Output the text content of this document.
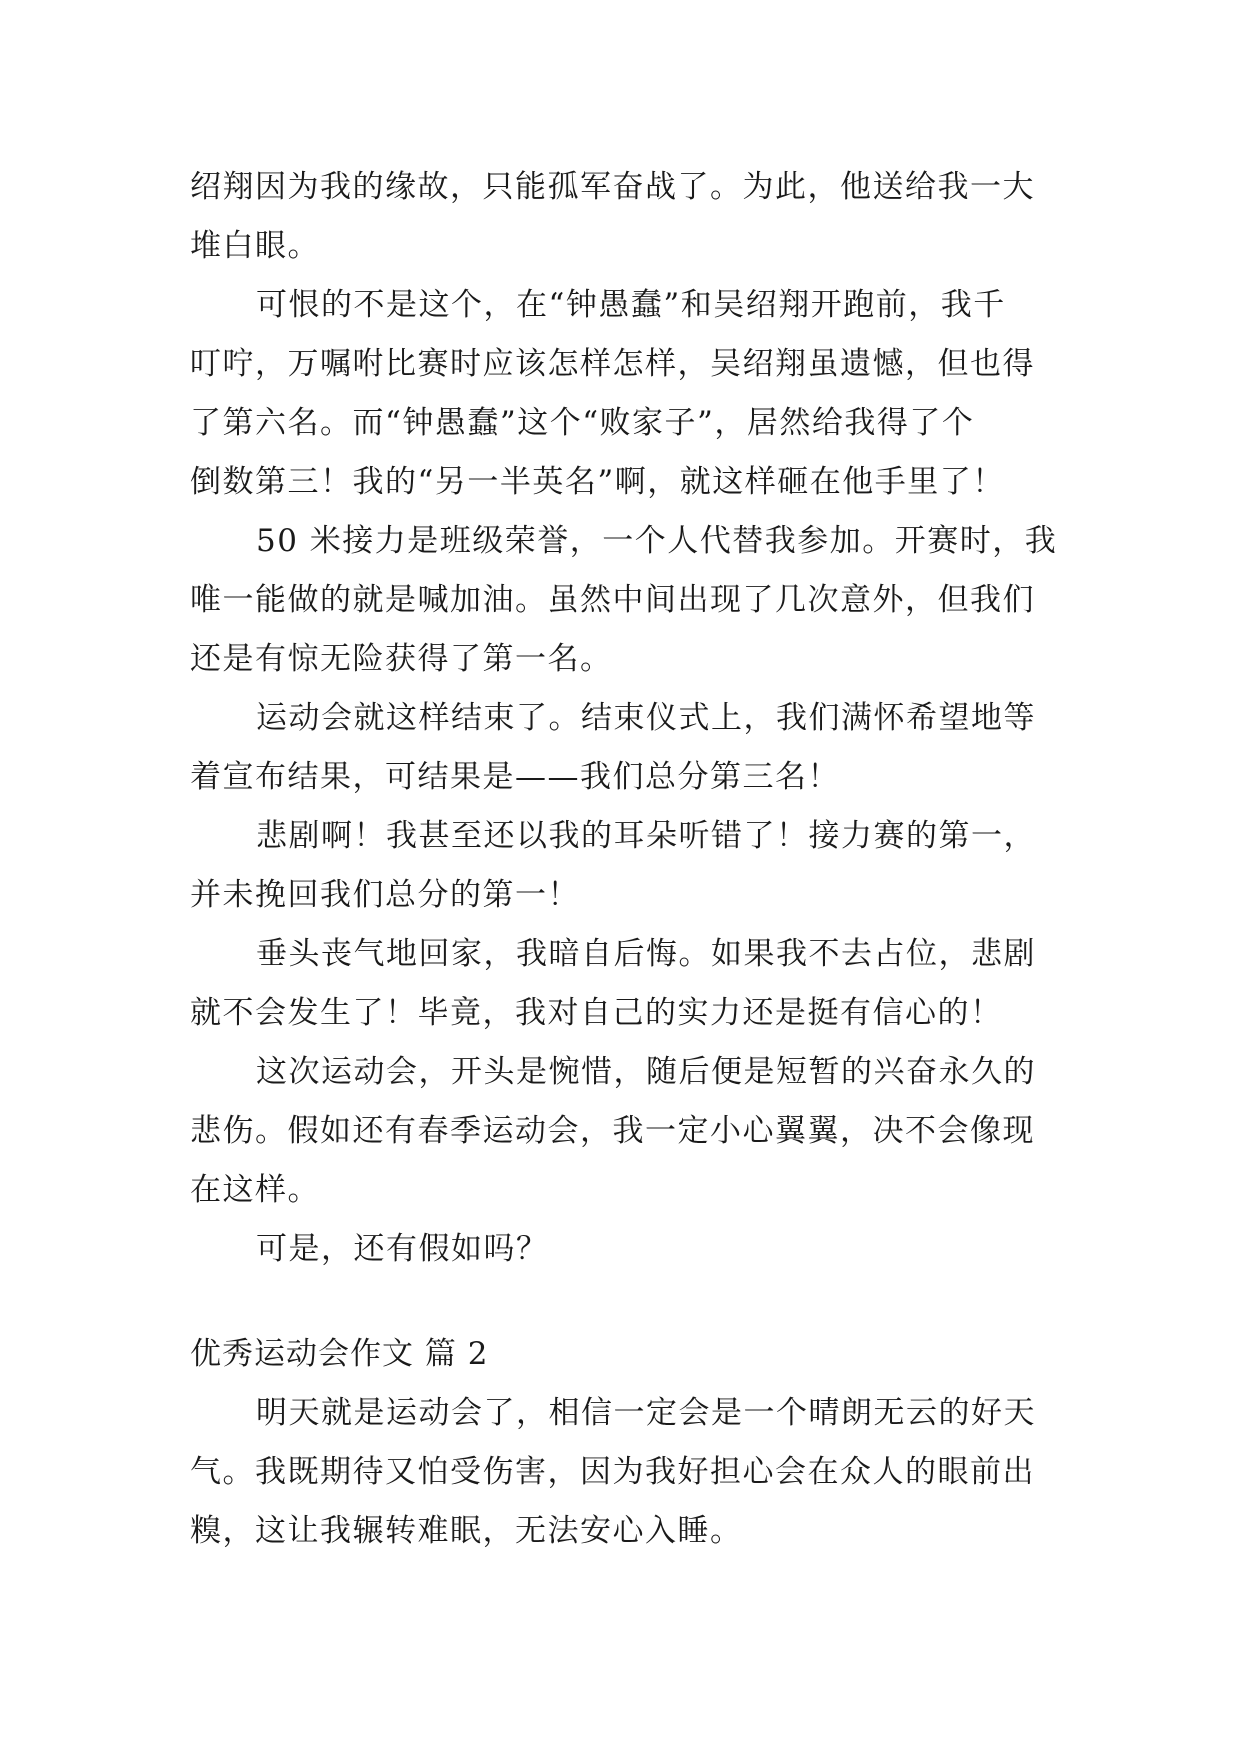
绍翔因为我的缘故，只能孤军奋战了。为此，他送给我一大
堆白眼。
可恨的不是这个，在“钟愚蠢”和吴绍翔开跑前，我千
叮咛，万嘱咐比赛时应该怎样怎样，吴绍翔虽遗憾，但也得
了第六名。而“钟愚蠢”这个“败家子”，居然给我得了个
倒数第三！我的“另一半英名”啊，就这样砸在他手里了！
50 米接力是班级荣誉，一个人代替我参加。开赛时，我
唯一能做的就是喊加油。虽然中间出现了几次意外，但我们
还是有惊无险获得了第一名。
运动会就这样结束了。结束仪式上，我们满怀希望地等
着宣布结果，可结果是——我们总分第三名！
悲剧啊！我甚至还以我的耳朵听错了！接力赛的第一，
并未挽回我们总分的第一！
垂头丧气地回家，我暗自后悔。如果我不去占位，悲剧
就不会发生了！毕竟，我对自己的实力还是挺有信心的！
这次运动会，开头是惋惜，随后便是短暂的兴奋永久的
悲伤。假如还有春季运动会，我一定小心翼翼，决不会像现
在这样。
可是，还有假如吗？
优秀运动会作文 篇 2
明天就是运动会了，相信一定会是一个晴朗无云的好天
气。我既期待又怕受伤害，因为我好担心会在众人的眼前出
糗，这让我辗转难眠，无法安心入睡。
